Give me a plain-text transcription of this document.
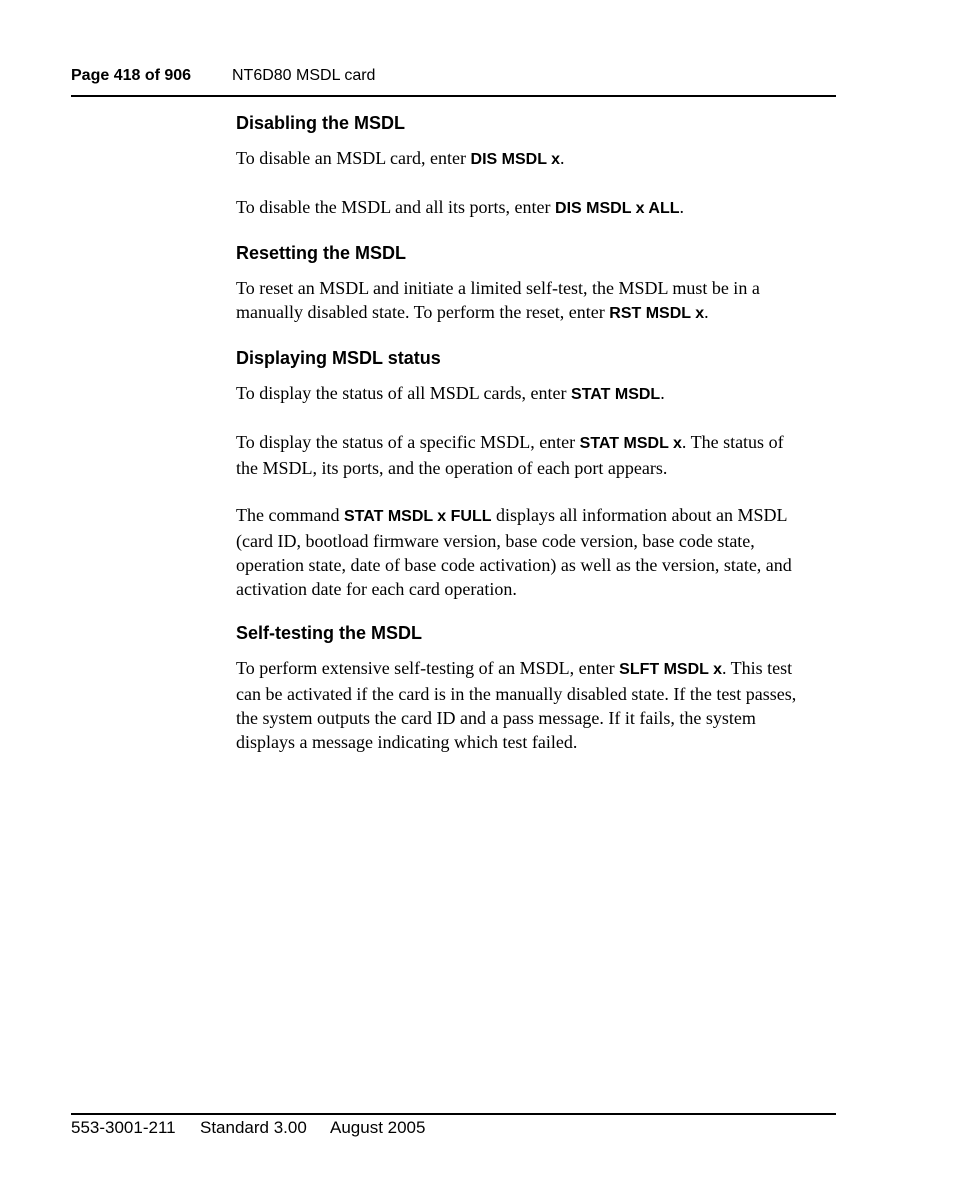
Page 418 of 906	NT6D80 MSDL card
Disabling the MSDL

To disable an MSDL card, enter DIS MSDL x.

To disable the MSDL and all its ports, enter DIS MSDL x ALL.

Resetting the MSDL

To reset an MSDL and initiate a limited self-test, the MSDL must be in a
manually disabled state. To perform the reset, enter RST MSDL x.

Displaying MSDL status

To display the status of all MSDL cards, enter STAT MSDL.

To display the status of a specific MSDL, enter STAT MSDL x. The status of
the MSDL, its ports, and the operation of each port appears.

The command STAT MSDL x FULL displays all information about an MSDL
(card ID, bootload firmware version, base code version, base code state,
operation state, date of base code activation) as well as the version, state, and
activation date for each card operation.

Self-testing the MSDL

To perform extensive self-testing of an MSDL, enter SLFT MSDL x. This test
can be activated if the card is in the manually disabled state. If the test passes,
the system outputs the card ID and a pass message. If it fails, the system
displays a message indicating which test failed.

553-3001-211 Standard 3.00 August 2005
